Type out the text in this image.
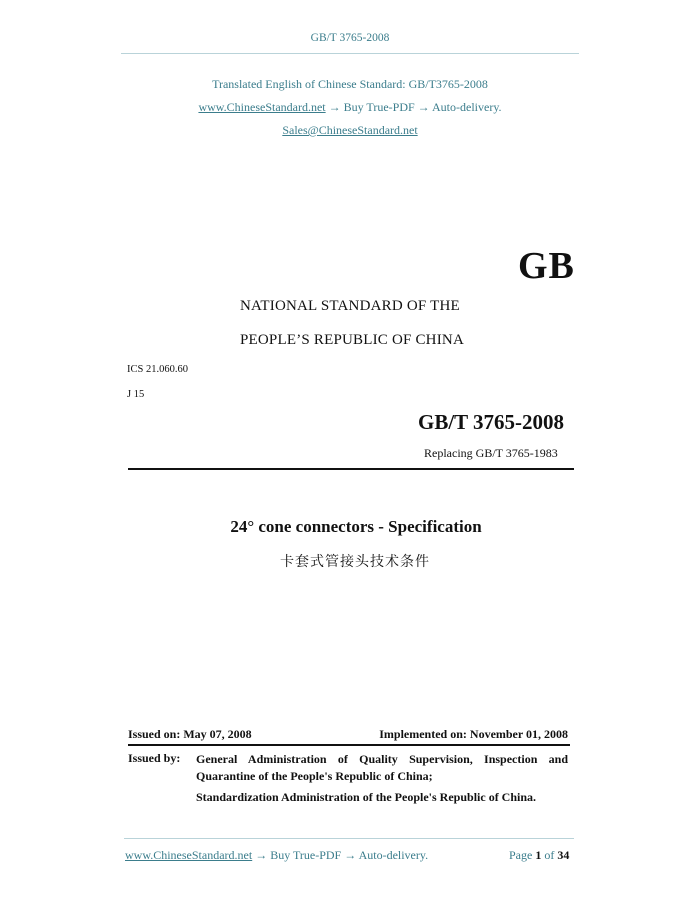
GB/T 3765-2008
Translated English of Chinese Standard: GB/T3765-2008
www.ChineseStandard.net → Buy True-PDF → Auto-delivery.
Sales@ChineseStandard.net
GB
NATIONAL STANDARD OF THE
PEOPLE’S REPUBLIC OF CHINA
ICS 21.060.60
J 15
GB/T 3765-2008
Replacing GB/T 3765-1983
24° cone connectors - Specification
卡套式管接头技术条件
Issued on: May 07, 2008	Implemented on: November 01, 2008
Issued by:	General Administration of Quality Supervision, Inspection and Quarantine of the People's Republic of China;
Standardization Administration of the People's Republic of China.
www.ChineseStandard.net → Buy True-PDF → Auto-delivery.	Page 1 of 34
